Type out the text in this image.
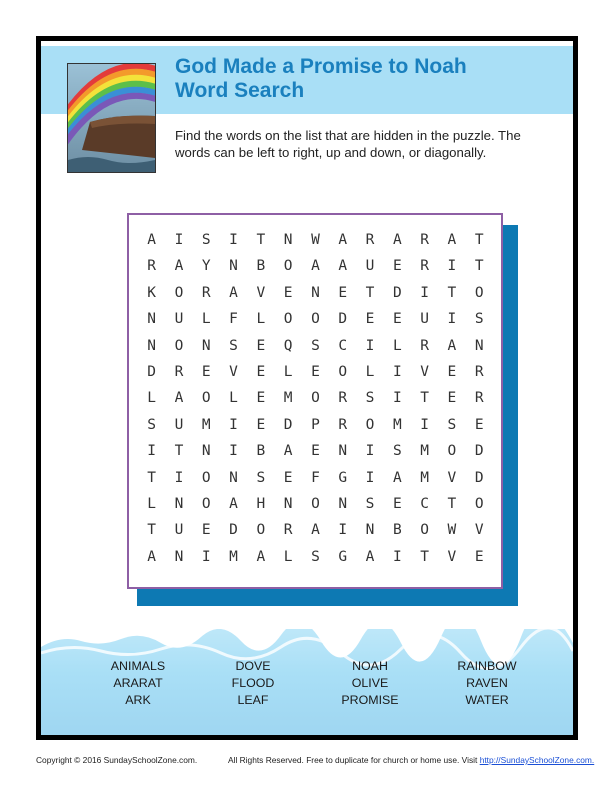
God Made a Promise to Noah
Word Search

Find the words on the list that are hidden in the puzzle. The words can be left to right, up and down, or diagonally.

A	I	S	I	T	N	W	A	R	A	R	A	T
R	A	Y	N	B	O	A	A	U	E	R	I	T
K	O	R	A	V	E	N	E	T	D	I	T	O
N	U	L	F	L	O	O	D	E	E	U	I	S
N	O	N	S	E	Q	S	C	I	L	R	A	N
D	R	E	V	E	L	E	O	L	I	V	E	R
L	A	O	L	E	M	O	R	S	I	T	E	R
S	U	M	I	E	D	P	R	O	M	I	S	E
I	T	N	I	B	A	E	N	I	S	M	O	D
T	I	O	N	S	E	F	G	I	A	M	V	D
L	N	O	A	H	N	O	N	S	E	C	T	O
T	U	E	D	O	R	A	I	N	B	O	W	V
A	N	I	M	A	L	S	G	A	I	T	V	E
ANIMALS
ARARAT
ARK
DOVE
FLOOD
LEAF
NOAH
OLIVE
PROMISE
RAINBOW
RAVEN
WATER
Copyright © 2016 SundaySchoolZone.com.	All Rights Reserved. Free to duplicate for church or home use. Visit http://SundaySchoolZone.com.
